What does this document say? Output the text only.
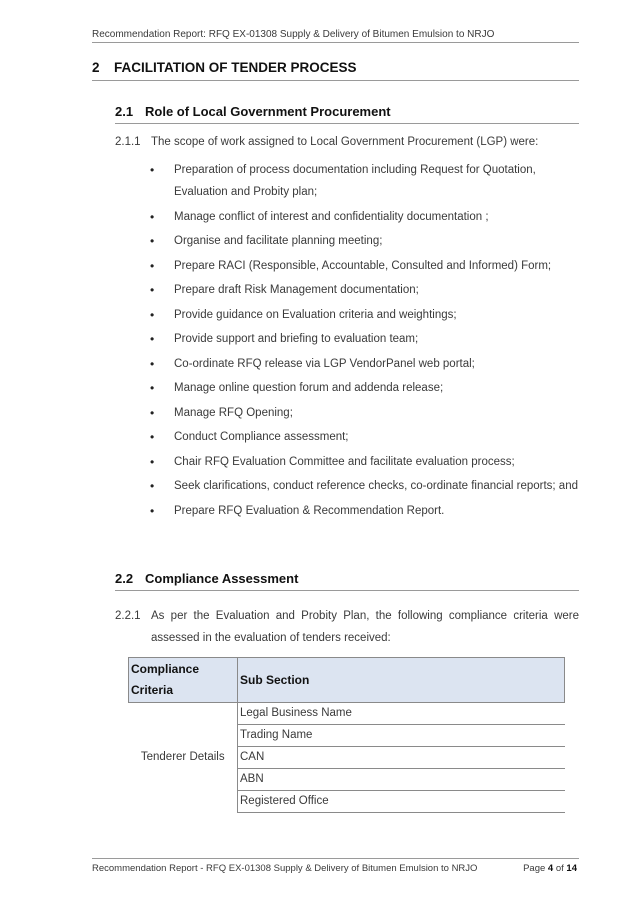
Recommendation Report: RFQ EX-01308 Supply & Delivery of Bitumen Emulsion to NRJO
2 FACILITATION OF TENDER PROCESS
2.1 Role of Local Government Procurement
2.1.1 The scope of work assigned to Local Government Procurement (LGP) were:
• Preparation of process documentation including Request for Quotation, Evaluation and Probity plan;
• Manage conflict of interest and confidentiality documentation ;
• Organise and facilitate planning meeting;
• Prepare RACI (Responsible, Accountable, Consulted and Informed) Form;
• Prepare draft Risk Management documentation;
• Provide guidance on Evaluation criteria and weightings;
• Provide support and briefing to evaluation team;
• Co-ordinate RFQ release via LGP VendorPanel web portal;
• Manage online question forum and addenda release;
• Manage RFQ Opening;
• Conduct Compliance assessment;
• Chair RFQ Evaluation Committee and facilitate evaluation process;
• Seek clarifications, conduct reference checks, co-ordinate financial reports; and
• Prepare RFQ Evaluation & Recommendation Report.
2.2 Compliance Assessment
2.2.1 As per the Evaluation and Probity Plan, the following compliance criteria were assessed in the evaluation of tenders received:
Compliance Criteria	Sub Section
Tenderer Details	Legal Business Name
	Trading Name
	CAN
	ABN
	Registered Office
Recommendation Report - RFQ EX-01308 Supply & Delivery of Bitumen Emulsion to NRJO	Page 4 of 14
